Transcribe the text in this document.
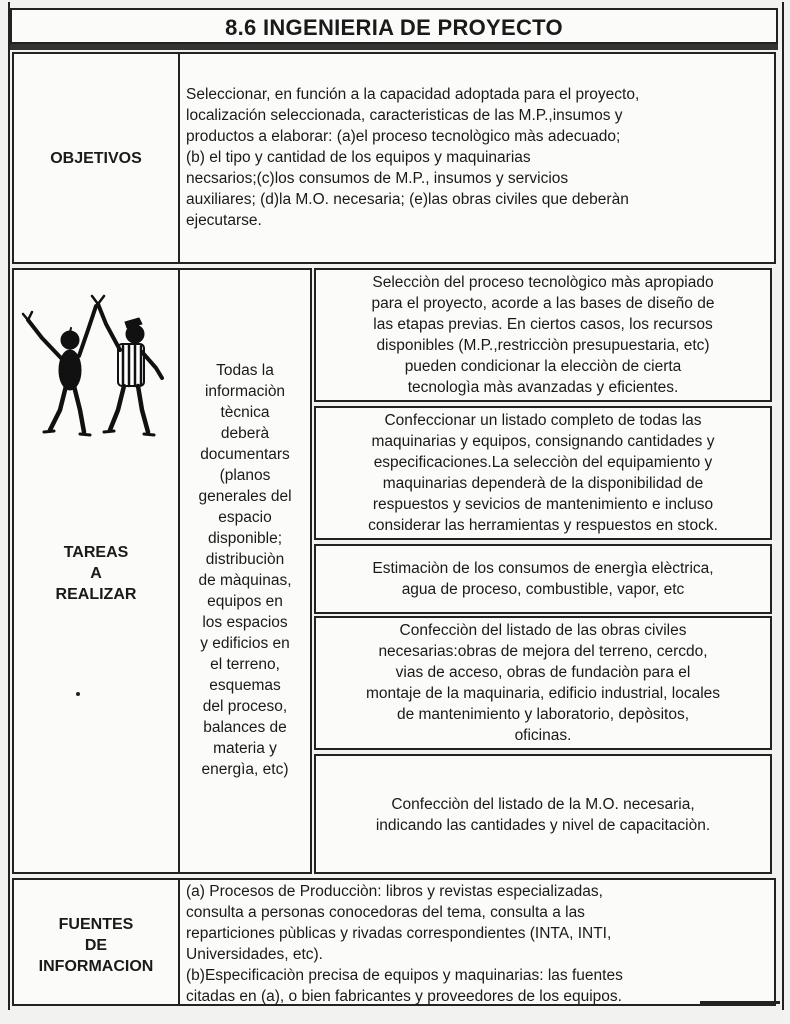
8.6 INGENIERIA DE PROYECTO
OBJETIVOS
Seleccionar, en función a la capacidad adoptada para el proyecto,
localización seleccionada, caracteristicas de las M.P.,insumos y
productos a elaborar: (a)el proceso tecnològico màs adecuado;
(b) el tipo y cantidad de los equipos y maquinarias
necsarios;(c)los consumos de M.P., insumos y servicios
auxiliares; (d)la M.O. necesaria; (e)las obras civiles que deberàn
ejecutarse.
TAREAS
A
REALIZAR
Todas la
informaciòn
tècnica
deberà
documentars
(planos
generales del
espacio
disponible;
distribuciòn
de màquinas,
equipos en
los espacios
y edificios en
el terreno,
esquemas
del proceso,
balances de
materia y
energìa, etc)
Selecciòn del proceso tecnològico màs apropiado
para el proyecto, acorde a las bases de diseño de
las etapas previas. En ciertos casos, los recursos
disponibles (M.P.,restricciòn presupuestaria, etc)
pueden condicionar la elecciòn de cierta
tecnologìa màs avanzadas y eficientes.
Confeccionar un listado completo de todas las
maquinarias y equipos, consignando cantidades y
especificaciones.La selecciòn del equipamiento y
maquinarias dependerà de la disponibilidad de
respuestos y sevicios de mantenimiento e incluso
considerar las herramientas y respuestos en stock.
Estimaciòn de los consumos de energìa elèctrica,
agua de proceso, combustible, vapor, etc
Confecciòn del listado de las obras civiles
necesarias:obras de mejora del terreno, cercdo,
vias de acceso, obras de fundaciòn para el
montaje de la maquinaria, edificio industrial, locales
de mantenimiento y laboratorio, depòsitos,
oficinas.
Confecciòn del listado de la M.O. necesaria,
indicando las cantidades y nivel de capacitaciòn.
FUENTES
DE
INFORMACION
(a) Procesos de Producciòn: libros y revistas especializadas,
consulta a personas conocedoras del tema, consulta a las
reparticiones pùblicas y rivadas correspondientes (INTA, INTI,
Universidades, etc).
(b)Especificaciòn precisa de equipos y maquinarias: las fuentes
citadas en (a), o bien fabricantes y proveedores de los equipos.
